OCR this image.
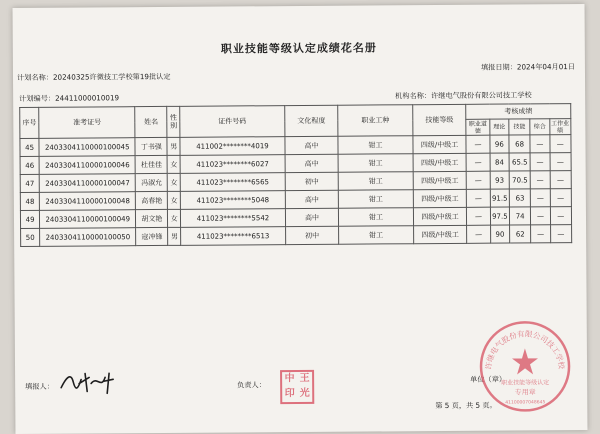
职业技能等级认定成绩花名册
计划名称：20240325许微技工学校第19批认定
填报日期：2024年04月01日
计划编号：24411000010019	机构名称：许继电气股份有限公司技工学校
序号	准考证号	姓名	性别	证件号码	文化程度	职业工种	技能等级	考核成绩				
								职业道德	理论	技能	综合	工作业绩
45	2403304110000100045	丁书强	男	411002********4019	高中	钳工	四级/中级工	—	96	68	—	—
46	2403304110000100046	杜佳佳	女	411023********6027	高中	钳工	四级/中级工	—	84	65.5	—	—
47	2403304110000100047	冯淑允	女	411023********6565	初中	钳工	四级/中级工	—	93	70.5	—	—
48	2403304110000100048	高春艳	女	411023********5048	高中	钳工	四级/中级工	—	91.5	63	—	—
49	2403304110000100049	胡文艳	女	411023********5542	高中	钳工	四级/中级工	—	97.5	74	—	—
50	2403304110000100050	寇冲锋	男	411023********6513	初中	钳工	四级/中级工	—	90	62	—	—
填报人：	负责人：
中 王
印 光
单位（章）
许继电气股份有限公司技工学校
职业技能等级认定
专用章
41100007048645
第 5 页，共 5 页。
